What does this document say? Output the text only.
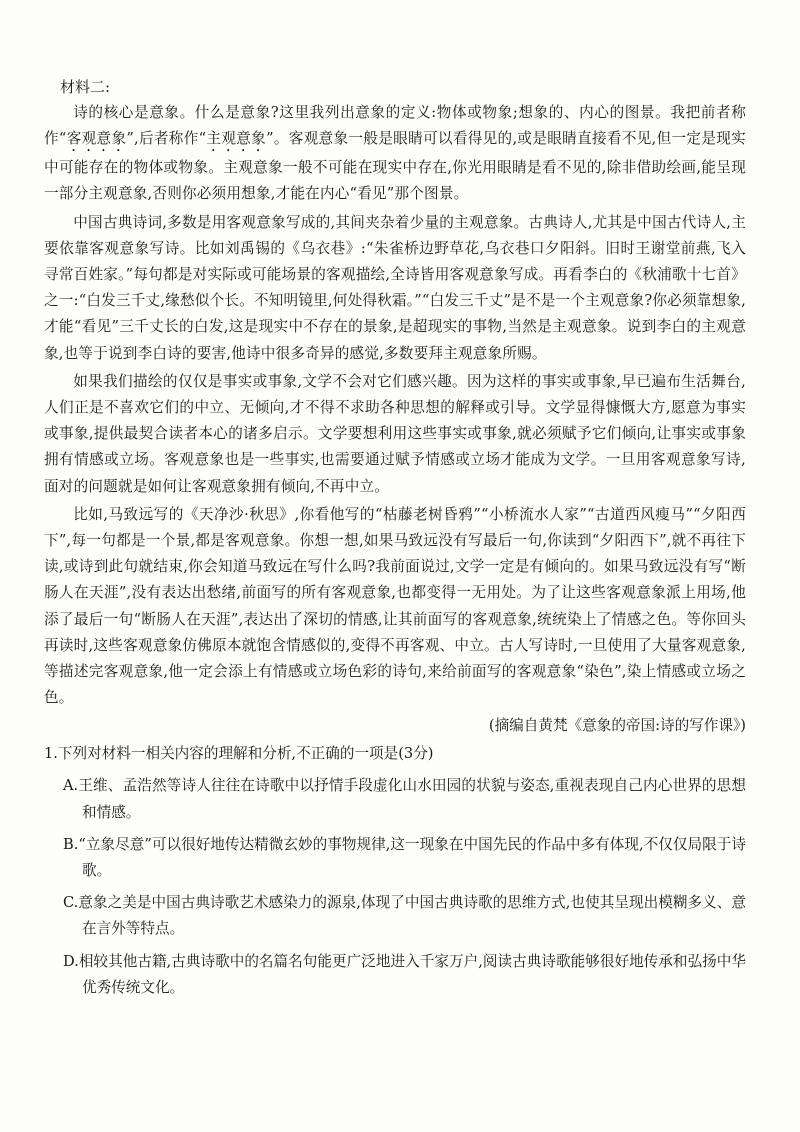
材料二:

诗的核心是意象。什么是意象?这里我列出意象的定义:物体或物象;想象的、内心的图景。我把前者称作“客观意象”,后者称作“主观意象”。客观意象一般是眼睛可以看得见的,或是眼睛直接看不见,但一定是现实中可能存在的物体或物象。主观意象一般不可能在现实中存在,你光用眼睛是看不见的,除非借助绘画,能呈现一部分主观意象,否则你必须用想象,才能在内心“看见”那个图景。

中国古典诗词,多数是用客观意象写成的,其间夹杂着少量的主观意象。古典诗人,尤其是中国古代诗人,主要依靠客观意象写诗。比如刘禹锡的《乌衣巷》:“朱雀桥边野草花,乌衣巷口夕阳斜。旧时王谢堂前燕,飞入寻常百姓家。”每句都是对实际或可能场景的客观描绘,全诗皆用客观意象写成。再看李白的《秋浦歌十七首》之一:“白发三千丈,缘愁似个长。不知明镜里,何处得秋霜。”“白发三千丈”是不是一个主观意象?你必须靠想象,才能“看见”三千丈长的白发,这是现实中不存在的景象,是超现实的事物,当然是主观意象。说到李白的主观意象,也等于说到李白诗的要害,他诗中很多奇异的感觉,多数要拜主观意象所赐。

如果我们描绘的仅仅是事实或事象,文学不会对它们感兴趣。因为这样的事实或事象,早已遍布生活舞台,人们正是不喜欢它们的中立、无倾向,才不得不求助各种思想的解释或引导。文学显得慷慨大方,愿意为事实或事象,提供最契合读者本心的诸多启示。文学要想利用这些事实或事象,就必须赋予它们倾向,让事实或事象拥有情感或立场。客观意象也是一些事实,也需要通过赋予情感或立场才能成为文学。一旦用客观意象写诗,面对的问题就是如何让客观意象拥有倾向,不再中立。

比如,马致远写的《天净沙·秋思》,你看他写的“枯藤老树昏鸦”“小桥流水人家”“古道西风瘦马”“夕阳西下”,每一句都是一个景,都是客观意象。你想一想,如果马致远没有写最后一句,你读到“夕阳西下”,就不再往下读,或诗到此句就结束,你会知道马致远在写什么吗?我前面说过,文学一定是有倾向的。如果马致远没有写“断肠人在天涯”,没有表达出愁绪,前面写的所有客观意象,也都变得一无用处。为了让这些客观意象派上用场,他添了最后一句“断肠人在天涯”,表达出了深切的情感,让其前面写的客观意象,统统染上了情感之色。等你回头再读时,这些客观意象仿佛原本就饱含情感似的,变得不再客观、中立。古人写诗时,一旦使用了大量客观意象,等描述完客观意象,他一定会添上有情感或立场色彩的诗句,来给前面写的客观意象“染色”,染上情感或立场之色。

(摘编自黄梵《意象的帝国:诗的写作课》)

1.下列对材料一相关内容的理解和分析,不正确的一项是(3分)

A.王维、孟浩然等诗人往往在诗歌中以抒情手段虚化山水田园的状貌与姿态,重视表现自己内心世界的思想和情感。

B.“立象尽意”可以很好地传达精微玄妙的事物规律,这一现象在中国先民的作品中多有体现,不仅仅局限于诗歌。

C.意象之美是中国古典诗歌艺术感染力的源泉,体现了中国古典诗歌的思维方式,也使其呈现出模糊多义、意在言外等特点。

D.相较其他古籍,古典诗歌中的名篇名句能更广泛地进入千家万户,阅读古典诗歌能够很好地传承和弘扬中华优秀传统文化。
